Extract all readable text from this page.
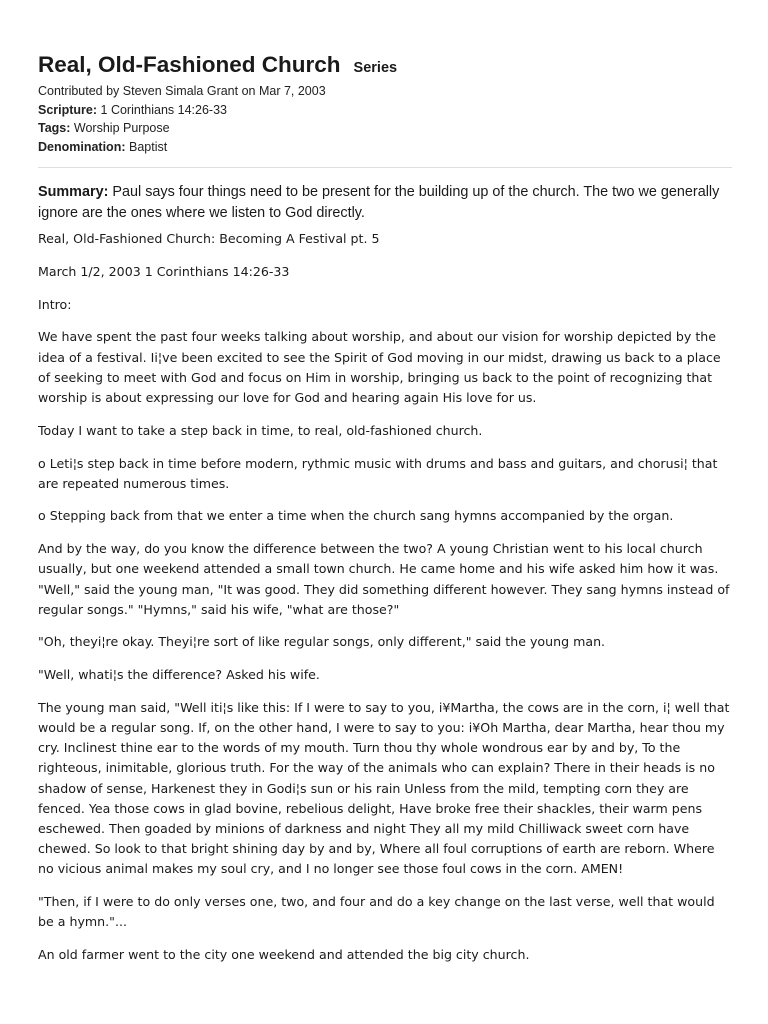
Real, Old-Fashioned Church Series
Contributed by Steven Simala Grant on Mar 7, 2003
Scripture: 1 Corinthians 14:26-33
Tags: Worship Purpose
Denomination: Baptist
Summary: Paul says four things need to be present for the building up of the church. The two we generally ignore are the ones where we listen to God directly.

Real, Old-Fashioned Church: Becoming A Festival pt. 5

March 1/2, 2003 1 Corinthians 14:26-33

Intro:

We have spent the past four weeks talking about worship, and about our vision for worship depicted by the idea of a festival. Ii¦ve been excited to see the Spirit of God moving in our midst, drawing us back to a place of seeking to meet with God and focus on Him in worship, bringing us back to the point of recognizing that worship is about expressing our love for God and hearing again His love for us.

Today I want to take a step back in time, to real, old-fashioned church.

o Leti¦s step back in time before modern, rythmic music with drums and bass and guitars, and chorusi¦ that are repeated numerous times.

o Stepping back from that we enter a time when the church sang hymns accompanied by the organ.

And by the way, do you know the difference between the two? A young Christian went to his local church usually, but one weekend attended a small town church. He came home and his wife asked him how it was. "Well," said the young man, "It was good. They did something different however. They sang hymns instead of regular songs." "Hymns," said his wife, "what are those?"

"Oh, theyi¦re okay. Theyi¦re sort of like regular songs, only different," said the young man.

"Well, whati¦s the difference? Asked his wife.

The young man said, "Well iti¦s like this: If I were to say to you, i¥Martha, the cows are in the corn, i¦ well that would be a regular song. If, on the other hand, I were to say to you: i¥Oh Martha, dear Martha, hear thou my cry. Inclinest thine ear to the words of my mouth. Turn thou thy whole wondrous ear by and by, To the righteous, inimitable, glorious truth. For the way of the animals who can explain? There in their heads is no shadow of sense, Harkenest they in Godi¦s sun or his rain Unless from the mild, tempting corn they are fenced. Yea those cows in glad bovine, rebelious delight, Have broke free their shackles, their warm pens eschewed. Then goaded by minions of darkness and night They all my mild Chilliwack sweet corn have chewed. So look to that bright shining day by and by, Where all foul corruptions of earth are reborn. Where no vicious animal makes my soul cry, and I no longer see those foul cows in the corn. AMEN!

"Then, if I were to do only verses one, two, and four and do a key change on the last verse, well that would be a hymn."...

An old farmer went to the city one weekend and attended the big city church.
